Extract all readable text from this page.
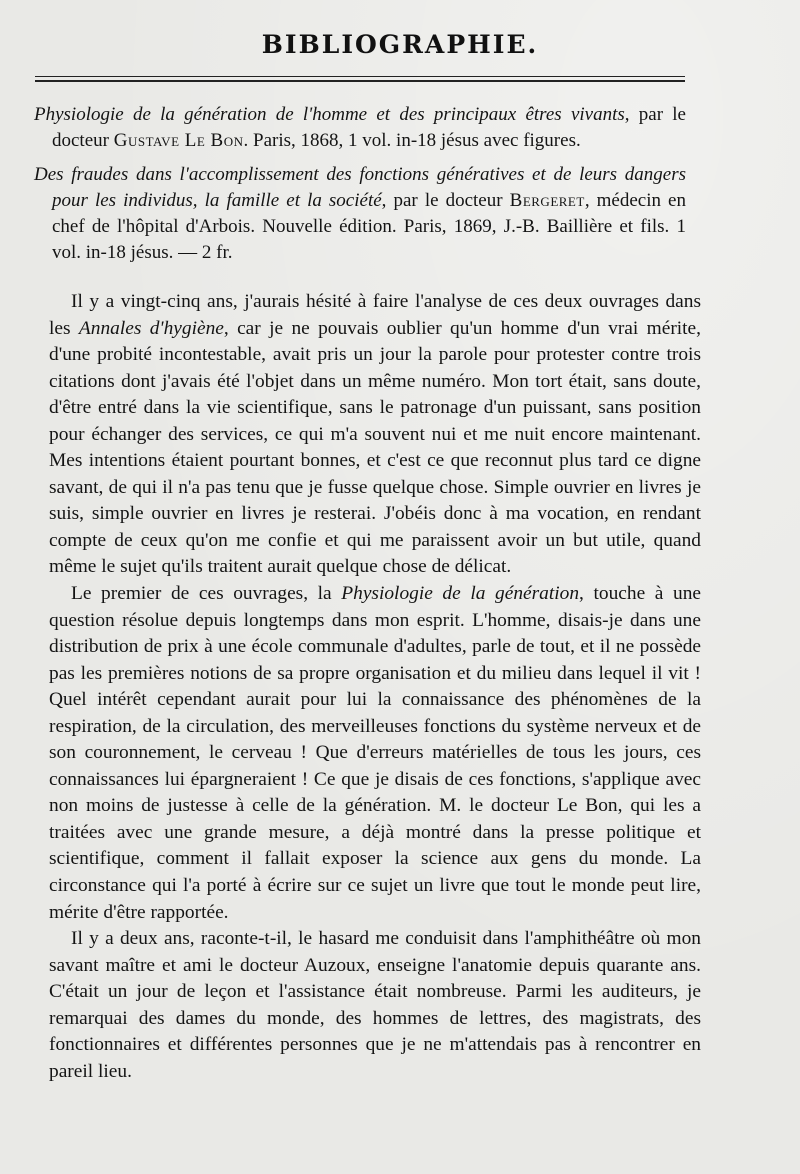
BIBLIOGRAPHIE.

Physiologie de la génération de l'homme et des principaux êtres vivants, par le docteur Gustave Le Bon. Paris, 1868, 1 vol. in-18 jésus avec figures.

Des fraudes dans l'accomplissement des fonctions génératives et de leurs dangers pour les individus, la famille et la société, par le docteur Bergeret, médecin en chef de l'hôpital d'Arbois. Nouvelle édition. Paris, 1869, J.-B. Baillière et fils. 1 vol. in-18 jésus. — 2 fr.

Il y a vingt-cinq ans, j'aurais hésité à faire l'analyse de ces deux ouvrages dans les Annales d'hygiène, car je ne pouvais oublier qu'un homme d'un vrai mérite, d'une probité incontestable, avait pris un jour la parole pour protester contre trois citations dont j'avais été l'objet dans un même numéro. Mon tort était, sans doute, d'être entré dans la vie scientifique, sans le patronage d'un puissant, sans position pour échanger des services, ce qui m'a souvent nui et me nuit encore maintenant. Mes intentions étaient pourtant bonnes, et c'est ce que reconnut plus tard ce digne savant, de qui il n'a pas tenu que je fusse quelque chose. Simple ouvrier en livres je suis, simple ouvrier en livres je resterai. J'obéis donc à ma vocation, en rendant compte de ceux qu'on me confie et qui me paraissent avoir un but utile, quand même le sujet qu'ils traitent aurait quelque chose de délicat.

Le premier de ces ouvrages, la Physiologie de la génération, touche à une question résolue depuis longtemps dans mon esprit. L'homme, disais-je dans une distribution de prix à une école communale d'adultes, parle de tout, et il ne possède pas les premières notions de sa propre organisation et du milieu dans lequel il vit ! Quel intérêt cependant aurait pour lui la connaissance des phénomènes de la respiration, de la circulation, des merveilleuses fonctions du système nerveux et de son couronnement, le cerveau ! Que d'erreurs matérielles de tous les jours, ces connaissances lui épargneraient ! Ce que je disais de ces fonctions, s'applique avec non moins de justesse à celle de la génération. M. le docteur Le Bon, qui les a traitées avec une grande mesure, a déjà montré dans la presse politique et scientifique, comment il fallait exposer la science aux gens du monde. La circonstance qui l'a porté à écrire sur ce sujet un livre que tout le monde peut lire, mérite d'être rapportée.

Il y a deux ans, raconte-t-il, le hasard me conduisit dans l'amphithéâtre où mon savant maître et ami le docteur Auzoux, enseigne l'anatomie depuis quarante ans. C'était un jour de leçon et l'assistance était nombreuse. Parmi les auditeurs, je remarquai des dames du monde, des hommes de lettres, des magistrats, des fonctionnaires et différentes personnes que je ne m'attendais pas à rencontrer en pareil lieu.
